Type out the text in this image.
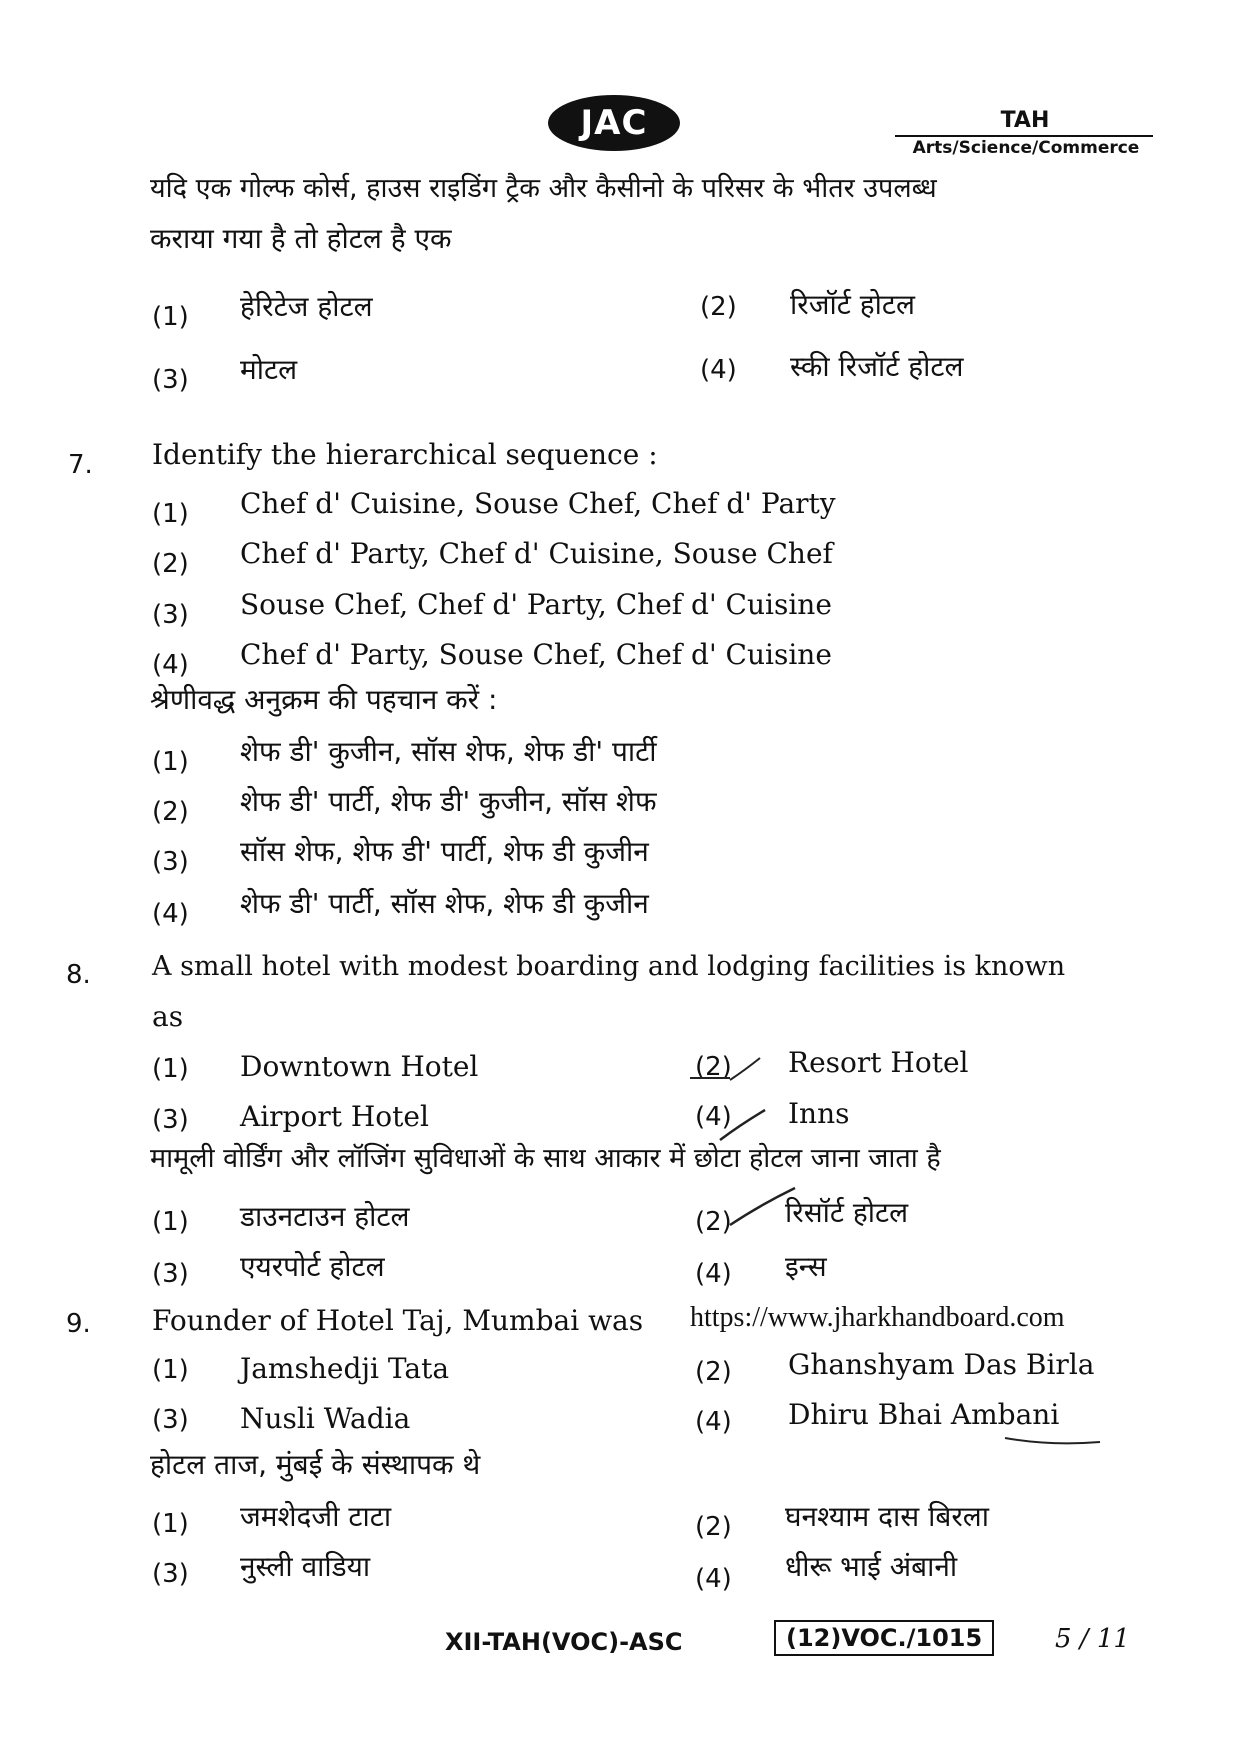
JAC	TAH
Arts/Science/Commerce
यदि एक गोल्फ कोर्स, हाउस राइडिंग ट्रैक और कैसीनो के परिसर के भीतर उपलब्ध
कराया गया है तो होटल है एक
(1) हेरिटेज होटल	(2) रिजॉर्ट होटल
(3) मोटल	(4) स्की रिजॉर्ट होटल
7. Identify the hierarchical sequence :
(1) Chef d' Cuisine, Souse Chef, Chef d' Party
(2) Chef d' Party, Chef d' Cuisine, Souse Chef
(3) Souse Chef, Chef d' Party, Chef d' Cuisine
(4) Chef d' Party, Souse Chef, Chef d' Cuisine
श्रेणीवद्ध अनुक्रम की पहचान करें :
(1) शेफ डी' कुजीन, सॉस शेफ, शेफ डी' पार्टी
(2) शेफ डी' पार्टी, शेफ डी' कुजीन, सॉस शेफ
(3) सॉस शेफ, शेफ डी' पार्टी, शेफ डी कुजीन
(4) शेफ डी' पार्टी, सॉस शेफ, शेफ डी कुजीन
8. A small hotel with modest boarding and lodging facilities is known
as
(1) Downtown Hotel	(2) Resort Hotel
(3) Airport Hotel	(4) Inns
मामूली वोर्डिंग और लॉजिंग सुविधाओं के साथ आकार में छोटा होटल जाना जाता है
(1) डाउनटाउन होटल	(2) रिसॉर्ट होटल
(3) एयरपोर्ट होटल	(4) इन्स
9. Founder of Hotel Taj, Mumbai was https://www.jharkhandboard.com
(1) Jamshedji Tata	(2) Ghanshyam Das Birla
(3) Nusli Wadia	(4) Dhiru Bhai Ambani
होटल ताज, मुंबई के संस्थापक थे
(1) जमशेदजी टाटा	(2) घनश्याम दास बिरला
(3) नुस्ली वाडिया	(4) धीरू भाई अंबानी
XII-TAH(VOC)-ASC	(12)VOC./1015	5 / 11
